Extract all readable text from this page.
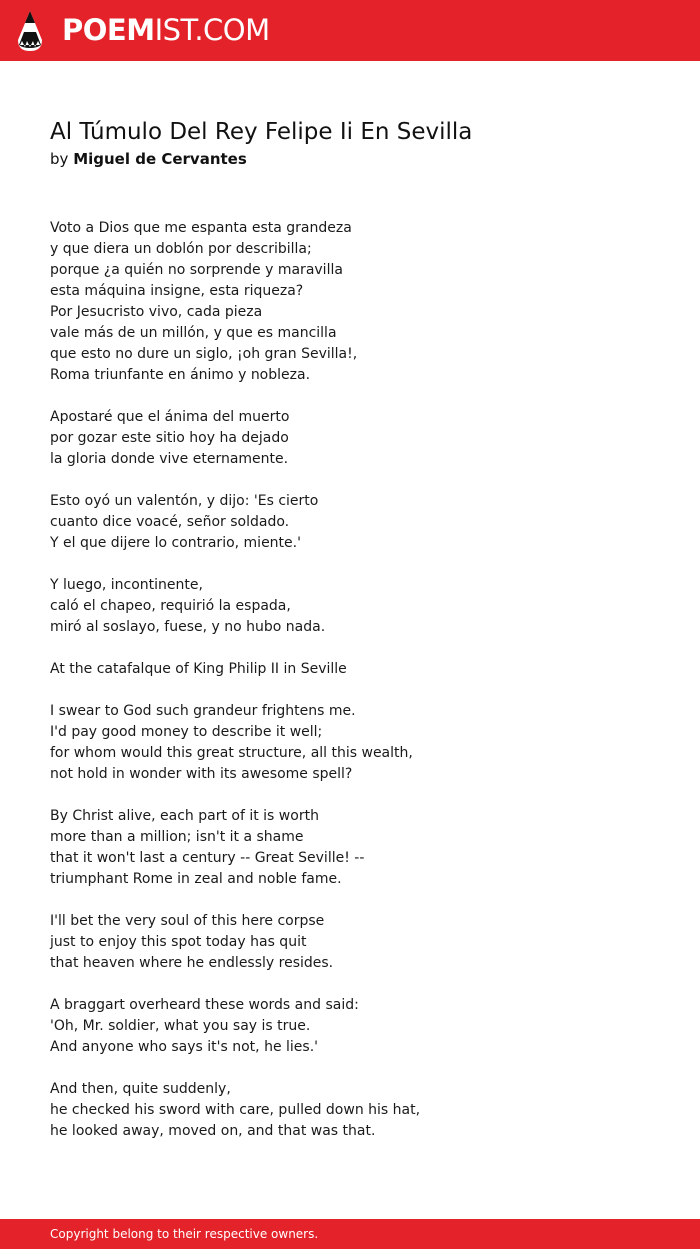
POEMIST.COM
Al Túmulo Del Rey Felipe Ii En Sevilla
by Miguel de Cervantes
Voto a Dios que me espanta esta grandeza
y que diera un doblón por describilla;
porque ¿a quién no sorprende y maravilla
esta máquina insigne, esta riqueza?
Por Jesucristo vivo, cada pieza
vale más de un millón, y que es mancilla
que esto no dure un siglo, ¡oh gran Sevilla!,
Roma triunfante en ánimo y nobleza.
Apostaré que el ánima del muerto
por gozar este sitio hoy ha dejado
la gloria donde vive eternamente.
Esto oyó un valentón, y dijo: 'Es cierto
cuanto dice voacé, señor soldado.
Y el que dijere lo contrario, miente.'
Y luego, incontinente,
caló el chapeo, requirió la espada,
miró al soslayo, fuese, y no hubo nada.
At the catafalque of King Philip II in Seville
I swear to God such grandeur frightens me.
I'd pay good money to describe it well;
for whom would this great structure, all this wealth,
not hold in wonder with its awesome spell?
By Christ alive, each part of it is worth
more than a million; isn't it a shame
that it won't last a century -- Great Seville! --
triumphant Rome in zeal and noble fame.
I'll bet the very soul of this here corpse
just to enjoy this spot today has quit
that heaven where he endlessly resides.
A braggart overheard these words and said:
'Oh, Mr. soldier, what you say is true.
And anyone who says it's not, he lies.'
And then, quite suddenly,
he checked his sword with care, pulled down his hat,
he looked away, moved on, and that was that.
Copyright belong to their respective owners.
